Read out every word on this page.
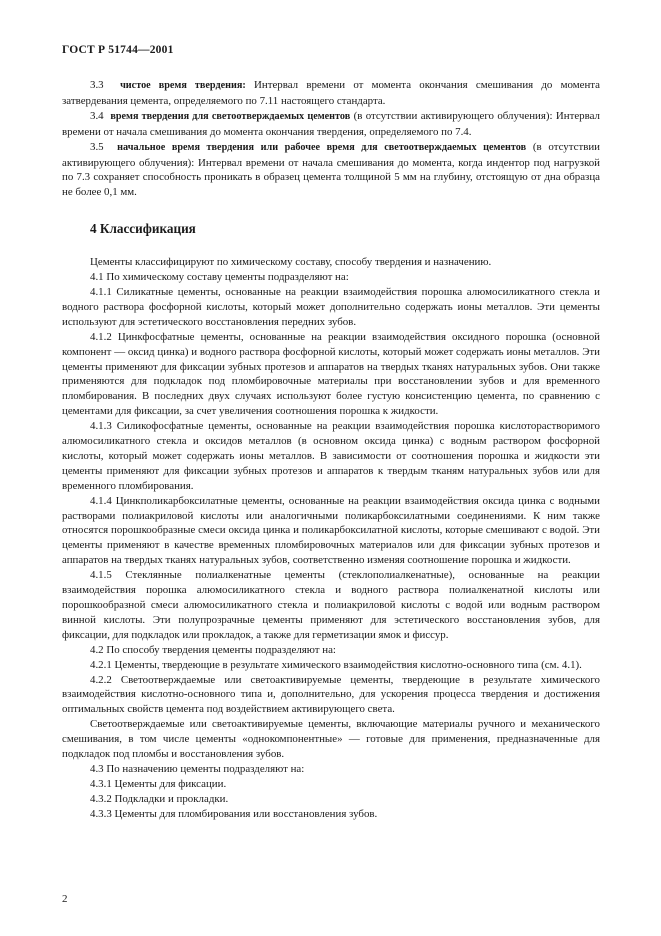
ГОСТ Р 51744—2001

3.3 чистое время твердения: Интервал времени от момента окончания смешивания до момента затвердевания цемента, определяемого по 7.11 настоящего стандарта.

3.4 время твердения для светоотверждаемых цементов (в отсутствии активирующего облучения): Интервал времени от начала смешивания до момента окончания твердения, определяемого по 7.4.

3.5 начальное время твердения или рабочее время для светоотверждаемых цементов (в отсутствии активирующего облучения): Интервал времени от начала смешивания до момента, когда индентор под нагрузкой по 7.3 сохраняет способность проникать в образец цемента толщиной 5 мм на глубину, отстоящую от дна образца не более 0,1 мм.

4 Классификация

Цементы классифицируют по химическому составу, способу твердения и назначению.

4.1 По химическому составу цементы подразделяют на:

4.1.1 Силикатные цементы, основанные на реакции взаимодействия порошка алюмосиликатного стекла и водного раствора фосфорной кислоты, который может дополнительно содержать ионы металлов. Эти цементы используют для эстетического восстановления передних зубов.

4.1.2 Цинкфосфатные цементы, основанные на реакции взаимодействия оксидного порошка (основной компонент — оксид цинка) и водного раствора фосфорной кислоты, который может содержать ионы металлов. Эти цементы применяют для фиксации зубных протезов и аппаратов на твердых тканях натуральных зубов. Они также применяются для подкладок под пломбировочные материалы при восстановлении зубов и для временного пломбирования. В последних двух случаях используют более густую консистенцию цемента, по сравнению с цементами для фиксации, за счет увеличения соотношения порошка к жидкости.

4.1.3 Силикофосфатные цементы, основанные на реакции взаимодействия порошка кислоторастворимого алюмосиликатного стекла и оксидов металлов (в основном оксида цинка) с водным раствором фосфорной кислоты, который может содержать ионы металлов. В зависимости от соотношения порошка и жидкости эти цементы применяют для фиксации зубных протезов и аппаратов к твердым тканям натуральных зубов или для временного пломбирования.

4.1.4 Цинкполикарбоксилатные цементы, основанные на реакции взаимодействия оксида цинка с водными растворами полиакриловой кислоты или аналогичными поликарбоксилатными соединениями. К ним также относятся порошкообразные смеси оксида цинка и поликарбоксилатной кислоты, которые смешивают с водой. Эти цементы применяют в качестве временных пломбировочных материалов или для фиксации зубных протезов и аппаратов на твердых тканях натуральных зубов, соответственно изменяя соотношение порошка и жидкости.

4.1.5 Стеклянные полиалкенатные цементы (стеклополиалкенатные), основанные на реакции взаимодействия порошка алюмосиликатного стекла и водного раствора полиалкенатной кислоты или порошкообразной смеси алюмосиликатного стекла и полиакриловой кислоты с водой или водным раствором винной кислоты. Эти полупрозрачные цементы применяют для эстетического восстановления зубов, для фиксации, для подкладок или прокладок, а также для герметизации ямок и фиссур.

4.2 По способу твердения цементы подразделяют на:

4.2.1 Цементы, твердеющие в результате химического взаимодействия кислотно-основного типа (см. 4.1).

4.2.2 Светоотверждаемые или светоактивируемые цементы, твердеющие в результате химического взаимодействия кислотно-основного типа и, дополнительно, для ускорения процесса твердения и достижения оптимальных свойств цемента под воздействием активирующего света.

Светоотверждаемые или светоактивируемые цементы, включающие материалы ручного и механического смешивания, в том числе цементы «однокомпонентные» — готовые для применения, предназначенные для подкладок под пломбы и восстановления зубов.

4.3 По назначению цементы подразделяют на:

4.3.1 Цементы для фиксации.

4.3.2 Подкладки и прокладки.

4.3.3 Цементы для пломбирования или восстановления зубов.

2
